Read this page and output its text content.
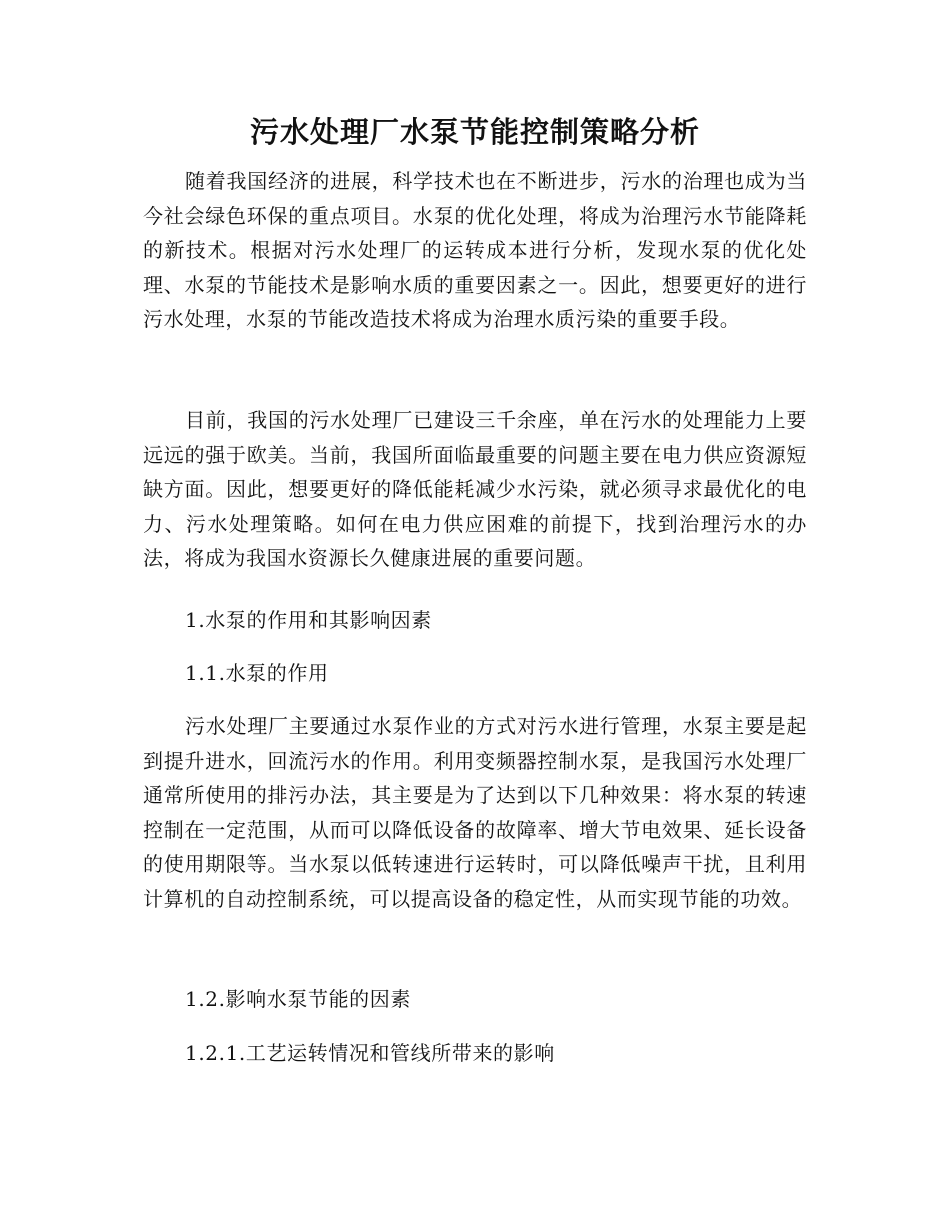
污水处理厂水泵节能控制策略分析

随着我国经济的进展，科学技术也在不断进步，污水的治理也成为当今社会绿色环保的重点项目。水泵的优化处理，将成为治理污水节能降耗的新技术。根据对污水处理厂的运转成本进行分析，发现水泵的优化处理、水泵的节能技术是影响水质的重要因素之一。因此，想要更好的进行污水处理，水泵的节能改造技术将成为治理水质污染的重要手段。

目前，我国的污水处理厂已建设三千余座，单在污水的处理能力上要远远的强于欧美。当前，我国所面临最重要的问题主要在电力供应资源短缺方面。因此，想要更好的降低能耗减少水污染，就必须寻求最优化的电力、污水处理策略。如何在电力供应困难的前提下，找到治理污水的办法，将成为我国水资源长久健康进展的重要问题。

1.水泵的作用和其影响因素
1.1.水泵的作用

污水处理厂主要通过水泵作业的方式对污水进行管理，水泵主要是起到提升进水，回流污水的作用。利用变频器控制水泵，是我国污水处理厂通常所使用的排污办法，其主要是为了达到以下几种效果：将水泵的转速控制在一定范围，从而可以降低设备的故障率、增大节电效果、延长设备的使用期限等。当水泵以低转速进行运转时，可以降低噪声干扰，且利用计算机的自动控制系统，可以提高设备的稳定性，从而实现节能的功效。

1.2.影响水泵节能的因素
1.2.1.工艺运转情况和管线所带来的影响
